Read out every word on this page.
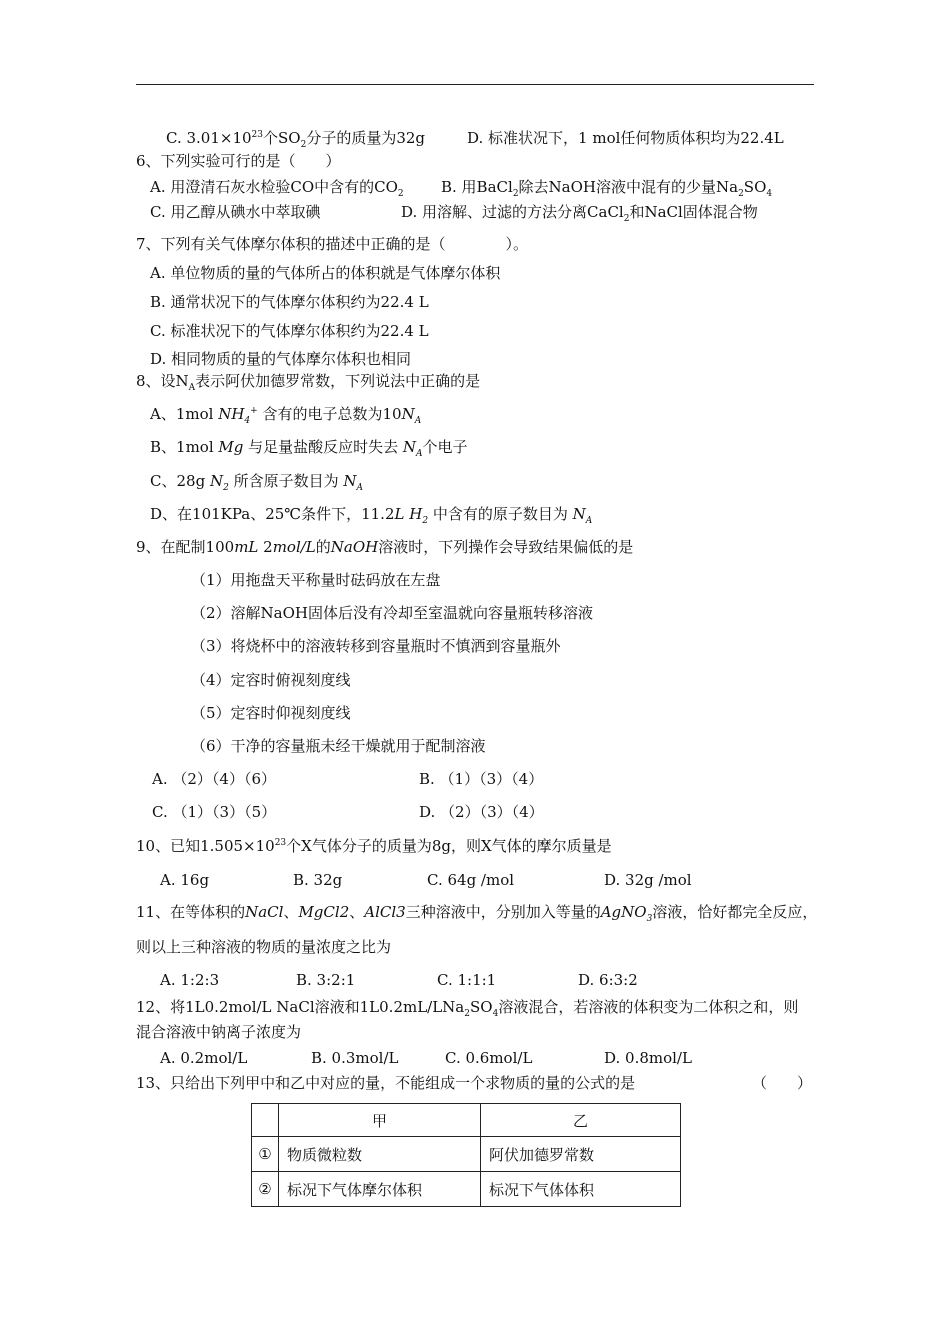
C. $3.01\times 10^{23}$个$SO_2$分子的质量为32g	D. 标准状况下，1 mol任何物质体积均为22.4L
6、下列实验可行的是（　　）
A. 用澄清石灰水检验CO中含有的$CO_2$ B. 用BaCl$_2$除去NaOH溶液中混有的少量$Na_2SO_4$
C. 用乙醇从碘水中萃取碘	D. 用溶解、过滤的方法分离CaCl$_2$和NaCl固体混合物
7、下列有关气体摩尔体积的描述中正确的是（　　　　）。
A. 单位物质的量的气体所占的体积就是气体摩尔体积
B. 通常状况下的气体摩尔体积约为22.4 L
C. 标准状况下的气体摩尔体积约为22.4 L
D. 相同物质的量的气体摩尔体积也相同
8、设$N_A$表示阿伏加德罗常数，下列说法中正确的是
A、1mol $NH_4^+$ 含有的电子总数为$10N_A$
B、1mol Mg 与足量盐酸反应时失去 $N_A$个电子
C、28g $N_2$ 所含原子数目为 $N_A$
D、在101KPa、25℃条件下，11.2L $H_2$ 中含有的原子数目为 $N_A$
9、在配制100mL 2mol/L的NaOH溶液时，下列操作会导致结果偏低的是
（1）用拖盘天平称量时砝码放在左盘
（2）溶解NaOH固体后没有冷却至室温就向容量瓶转移溶液
（3）将烧杯中的溶液转移到容量瓶时不慎洒到容量瓶外
（4）定容时俯视刻度线
（5）定容时仰视刻度线
（6）干净的容量瓶未经干燥就用于配制溶液
A. （2）（4）（6）	B. （1）（3）（4）
C. （1）（3）（5）	D. （2）（3）（4）
10、已知$1.505\times 10^{23}$个X气体分子的质量为8g，则X气体的摩尔质量是
A. 16g	B. 32g	C. 64g /mol	D. 32g /mol
11、在等体积的NaCl、MgCl2、AlCl3三种溶液中，分别加入等量的AgNO$_3$溶液，恰好都完全反应，
则以上三种溶液的物质的量浓度之比为
A. 1:2:3	B. 3:2:1	C. 1:1:1	D. 6:3:2
12、将1L0.2mol/L NaCl溶液和$1L0.2mL/LNa_2SO_4$溶液混合，若溶液的体积变为二体积之和，则
混合溶液中钠离子浓度为
A. 0.2mol/L	B. 0.3mol/L	C. 0.6mol/L	D. 0.8mol/L
13、只给出下列甲中和乙中对应的量，不能组成一个求物质的量的公式的是	（　　）
	甲	乙
①	物质微粒数	阿伏加德罗常数
②	标况下气体摩尔体积	标况下气体体积
